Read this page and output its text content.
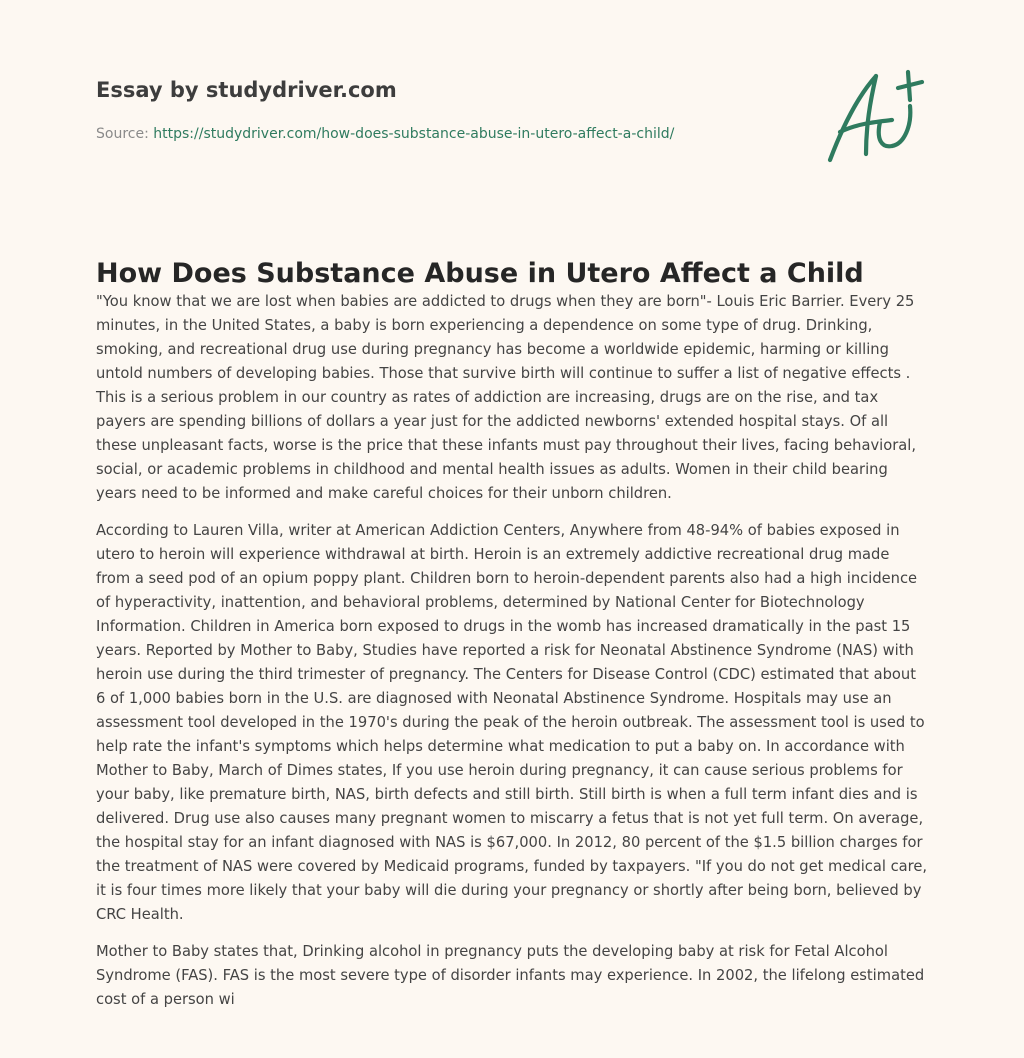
Essay by studydriver.com
Source: https://studydriver.com/how-does-substance-abuse-in-utero-affect-a-child/
How Does Substance Abuse in Utero Affect a Child

"You know that we are lost when babies are addicted to drugs when they are born"- Louis Eric Barrier. Every 25 minutes, in the United States, a baby is born experiencing a dependence on some type of drug. Drinking, smoking, and recreational drug use during pregnancy has become a worldwide epidemic, harming or killing untold numbers of developing babies. Those that survive birth will continue to suffer a list of negative effects . This is a serious problem in our country as rates of addiction are increasing, drugs are on the rise, and tax payers are spending billions of dollars a year just for the addicted newborns' extended hospital stays. Of all these unpleasant facts, worse is the price that these infants must pay throughout their lives, facing behavioral, social, or academic problems in childhood and mental health issues as adults. Women in their child bearing years need to be informed and make careful choices for their unborn children.

According to Lauren Villa, writer at American Addiction Centers, Anywhere from 48-94% of babies exposed in utero to heroin will experience withdrawal at birth. Heroin is an extremely addictive recreational drug made from a seed pod of an opium poppy plant. Children born to heroin-dependent parents also had a high incidence of hyperactivity, inattention, and behavioral problems, determined by National Center for Biotechnology Information. Children in America born exposed to drugs in the womb has increased dramatically in the past 15 years. Reported by Mother to Baby, Studies have reported a risk for Neonatal Abstinence Syndrome (NAS) with heroin use during the third trimester of pregnancy. The Centers for Disease Control (CDC) estimated that about 6 of 1,000 babies born in the U.S. are diagnosed with Neonatal Abstinence Syndrome. Hospitals may use an assessment tool developed in the 1970's during the peak of the heroin outbreak. The assessment tool is used to help rate the infant's symptoms which helps determine what medication to put a baby on. In accordance with Mother to Baby, March of Dimes states, If you use heroin during pregnancy, it can cause serious problems for your baby, like premature birth, NAS, birth defects and still birth. Still birth is when a full term infant dies and is delivered. Drug use also causes many pregnant women to miscarry a fetus that is not yet full term. On average, the hospital stay for an infant diagnosed with NAS is $67,000. In 2012, 80 percent of the $1.5 billion charges for the treatment of NAS were covered by Medicaid programs, funded by taxpayers. "If you do not get medical care, it is four times more likely that your baby will die during your pregnancy or shortly after being born, believed by CRC Health.

Mother to Baby states that, Drinking alcohol in pregnancy puts the developing baby at risk for Fetal Alcohol Syndrome (FAS). FAS is the most severe type of disorder infants may experience. In 2002, the lifelong estimated cost of a person wi
